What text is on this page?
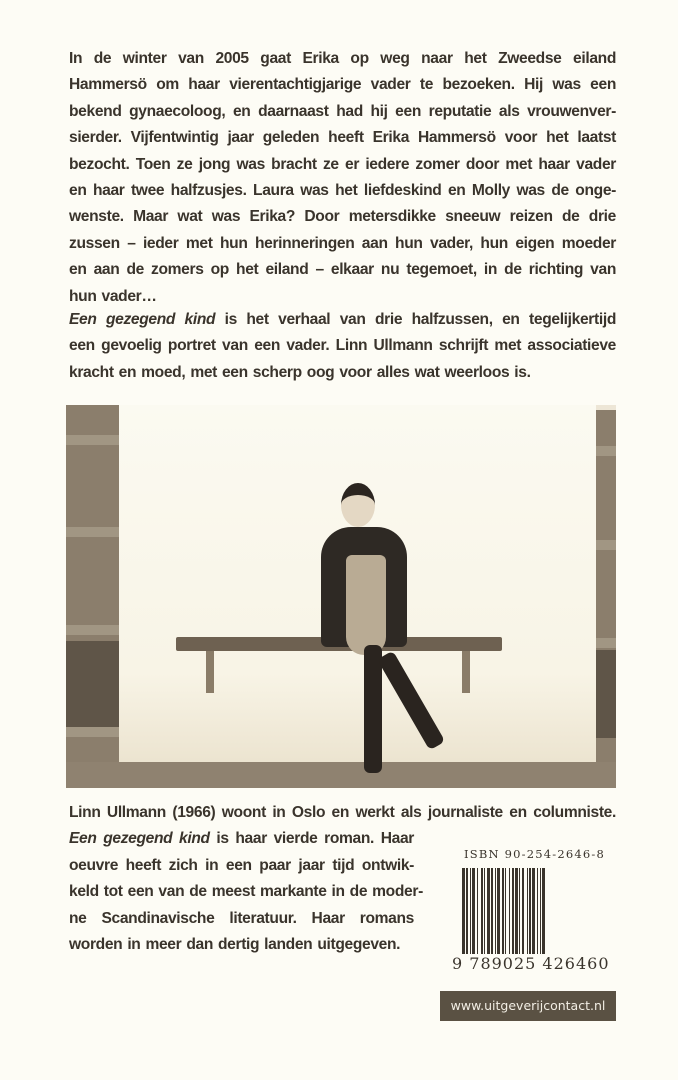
In de winter van 2005 gaat Erika op weg naar het Zweedse eiland
Hammersö om haar vierentachtigjarige vader te bezoeken. Hij was een
bekend gynaecoloog, en daarnaast had hij een reputatie als vrouwenver-
sierder. Vijfentwintig jaar geleden heeft Erika Hammersö voor het laatst
bezocht. Toen ze jong was bracht ze er iedere zomer door met haar vader
en haar twee halfzusjes. Laura was het liefdeskind en Molly was de onge-
wenste. Maar wat was Erika? Door metersdikke sneeuw reizen de drie
zussen – ieder met hun herinneringen aan hun vader, hun eigen moeder
en aan de zomers op het eiland – elkaar nu tegemoet, in de richting van
hun vader…
Een gezegend kind is het verhaal van drie halfzussen, en tegelijkertijd
een gevoelig portret van een vader. Linn Ullmann schrijft met associatieve
kracht en moed, met een scherp oog voor alles wat weerloos is.
Linn Ullmann (1966) woont in Oslo en werkt als journaliste en columniste.
Een gezegend kind is haar vierde roman. Haar
oeuvre heeft zich in een paar jaar tijd ontwik-
keld tot een van de meest markante in de moder-
ne Scandinavische literatuur. Haar romans
worden in meer dan dertig landen uitgegeven.
ISBN 90-254-2646-8
9 789025 426460
www.uitgeverijcontact.nl
